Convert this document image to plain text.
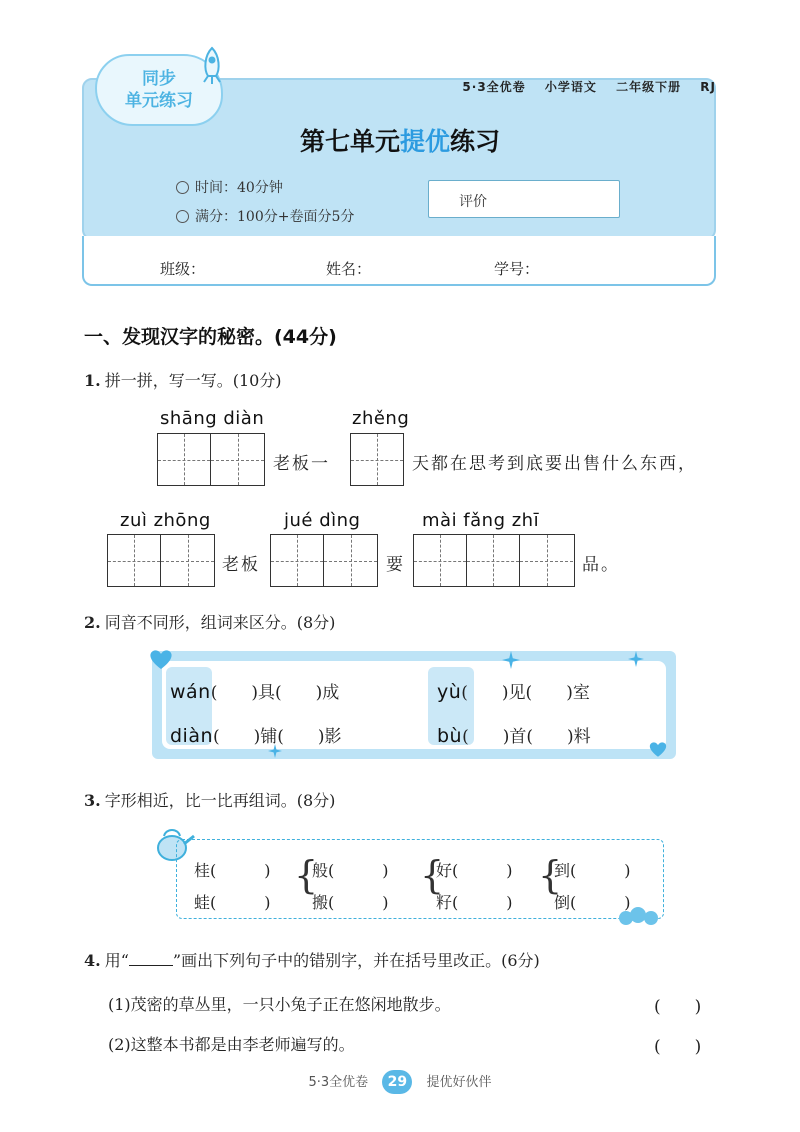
5·3全优卷 小学语文 二年级下册 RJ
同步
单元练习
第七单元提优练习
时间：40分钟
满分：100分+卷面分5分
评价
班级：	姓名：	学号：
一、发现汉字的秘密。(44分)
1. 拼一拼，写一写。(10分)
shāng diàn
老板一
zhěng
天都在思考到底要出售什么东西，
zuì zhōng
老板
jué dìng
要
mài fǎng zhī
品。
2. 同音不同形，组词来区分。(8分)
wán(　　)具(　　)成	yù(　　)见(　　)室
diàn(　　)铺(　　)影	bù(　　)首(　　)料
3. 字形相近，比一比再组词。(8分)
桂(　　　)
蛙(　　　)
{
般(　　　)
搬(　　　)
{
好(　　　)
籽(　　　)
{
到(　　　)
倒(　　　)
4. 用“	”画出下列句子中的错别字，并在括号里改正。(6分)
(1)茂密的草丛里，一只小兔子正在悠闲地散步。	(　　)
(2)这整本书都是由李老师遍写的。	(　　)
5·3全优卷 29 提优好伙伴
